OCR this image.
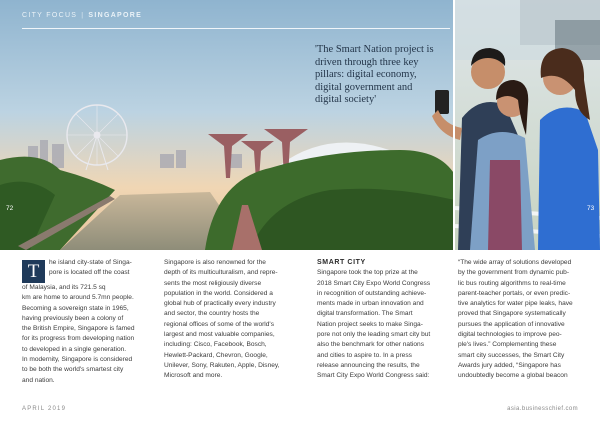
CITY FOCUS | SINGAPORE
'The Smart Nation project is driven through three key pillars: digital economy, digital government and digital society'
72	73
T	he island city-state of Singa-

pore is located off the coast

of Malaysia, and its 721.5 sq

km are home to around 5.7mn people.

Becoming a sovereign state in 1965,

having previously been a colony of

the British Empire, Singapore is famed

for its progress from developing nation

to developed in a single generation.

In modernity, Singapore is considered

to be both the world's smartest city

and nation.

Singapore is also renowned for the

depth of its multiculturalism, and repre-

sents the most religiously diverse

population in the world. Considered a

global hub of practically every industry

and sector, the country hosts the

regional offices of some of the world's

largest and most valuable companies,

including: Cisco, Facebook, Bosch,

Hewlett-Packard, Chevron, Google,

Unilever, Sony, Rakuten, Apple, Disney,

Microsoft and more.

SMART CITY

Singapore took the top prize at the

2018 Smart City Expo World Congress

in recognition of outstanding achieve-

ments made in urban innovation and

digital transformation. The Smart

Nation project seeks to make Singa-

pore not only the leading smart city but

also the benchmark for other nations

and cities to aspire to. In a press

release announcing the results, the

Smart City Expo World Congress said:

“The wide array of solutions developed

by the government from dynamic pub-

lic bus routing algorithms to real-time

parent-teacher portals, or even predic-

tive analytics for water pipe leaks, have

proved that Singapore systematically

pursues the application of innovative

digital technologies to improve peo-

ple's lives.” Complementing these

smart city successes, the Smart City

Awards jury added, “Singapore has

undoubtedly become a global beacon

APRIL 2019	asia.businesschief.com
